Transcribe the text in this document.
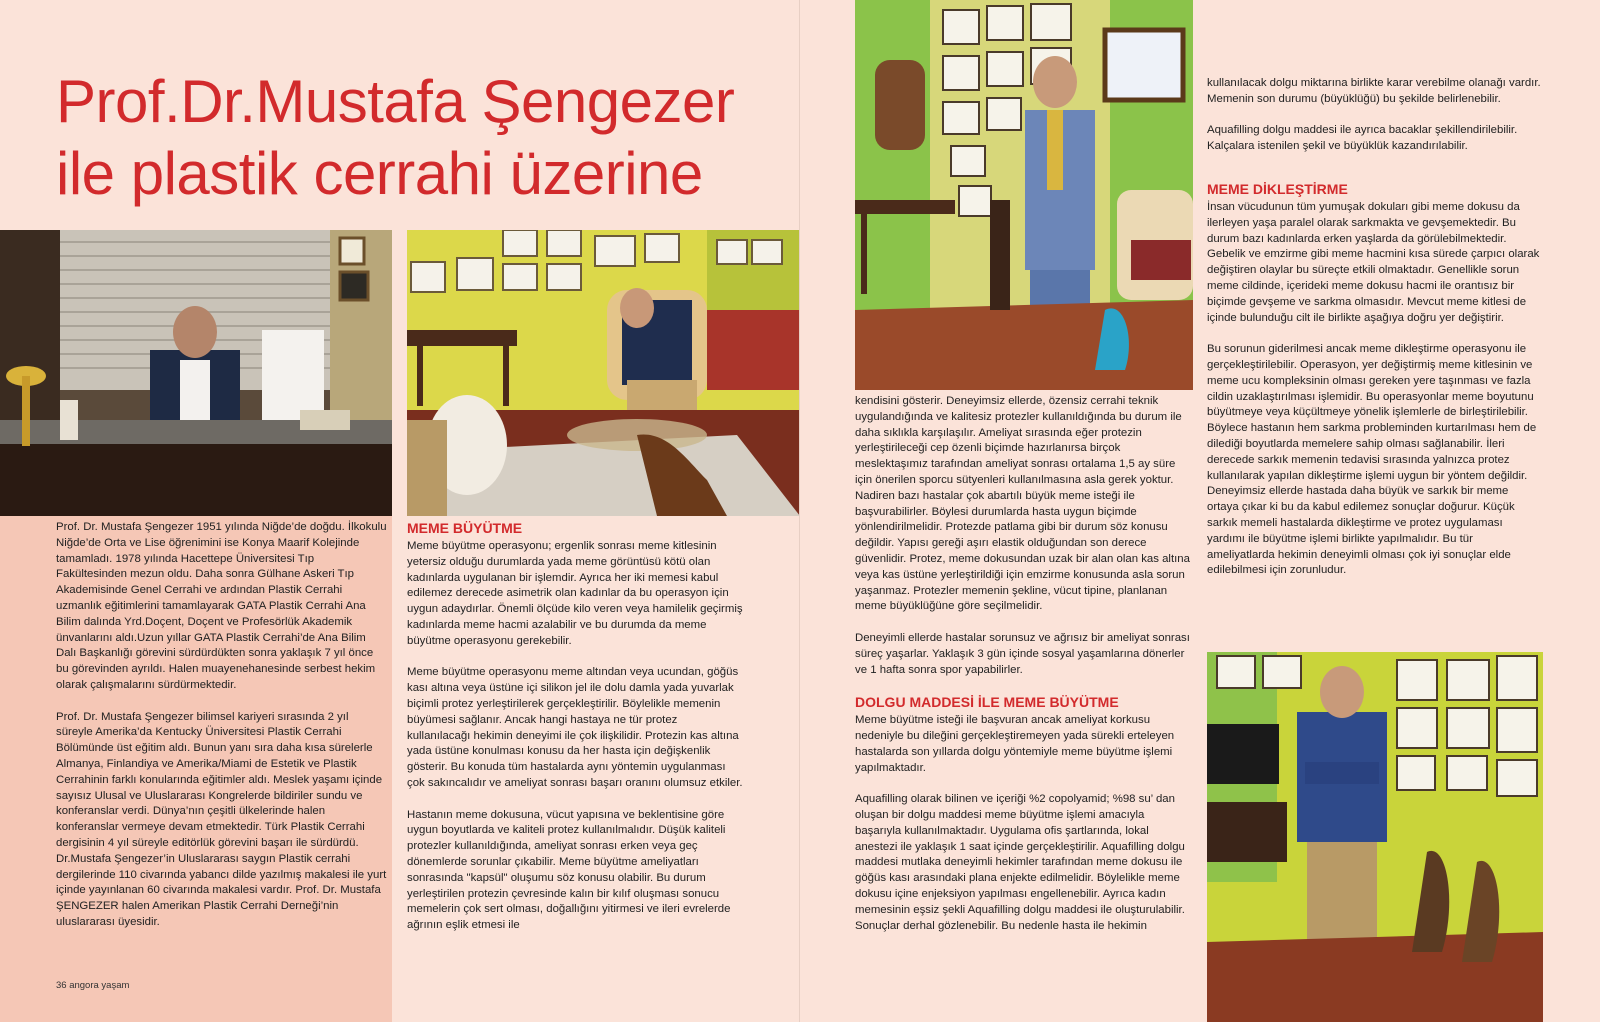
Prof.Dr.Mustafa Şengezer
ile plastik cerrahi üzerine

Prof. Dr. Mustafa Şengezer 1951 yılında Niğde’de doğdu. İlkokulu Niğde’de Orta ve Lise öğrenimini ise Konya Maarif Kolejinde tamamladı. 1978 yılında Hacettepe Üniversitesi Tıp Fakültesinden mezun oldu. Daha sonra Gülhane Askeri Tıp Akademisinde Genel Cerrahi ve ardından Plastik Cerrahi uzmanlık eğitimlerini tamamlayarak GATA Plastik Cerrahi Ana Bilim dalında Yrd.Doçent, Doçent ve Profesörlük Akademik ünvanlarını aldı.Uzun yıllar GATA Plastik Cerrahi’de Ana Bilim Dalı Başkanlığı görevini sürdürdükten sonra yaklaşık 7 yıl önce bu görevinden ayrıldı. Halen muayenehanesinde serbest hekim olarak çalışmalarını sürdürmektedir.

Prof. Dr. Mustafa Şengezer bilimsel kariyeri sırasında 2 yıl süreyle Amerika’da Kentucky Üniversitesi Plastik Cerrahi Bölümünde üst eğitim aldı. Bunun yanı sıra daha kısa sürelerle Almanya, Finlandiya ve Amerika/Miami de Estetik ve Plastik Cerrahinin farklı konularında eğitimler aldı. Meslek yaşamı içinde sayısız Ulusal ve Uluslararası Kongrelerde bildiriler sundu ve konferanslar verdi. Dünya’nın çeşitli ülkelerinde halen konferanslar vermeye devam etmektedir. Türk Plastik Cerrahi dergisinin 4 yıl süreyle editörlük görevini başarı ile sürdürdü. Dr.Mustafa Şengezer’in Uluslararası saygın Plastik cerrahi dergilerinde 110 civarında yabancı dilde yazılmış makalesi ile yurt içinde yayınlanan 60 civarında makalesi vardır. Prof. Dr. Mustafa ŞENGEZER halen Amerikan Plastik Cerrahi Derneği’nin uluslararası üyesidir.

MEME BÜYÜTME

Meme büyütme operasyonu; ergenlik sonrası meme kitlesinin yetersiz olduğu durumlarda yada meme görüntüsü kötü olan kadınlarda uygulanan bir işlemdir. Ayrıca her iki memesi kabul edilemez derecede asimetrik olan kadınlar da bu operasyon için uygun adaydırlar. Önemli ölçüde kilo veren veya hamilelik geçirmiş kadınlarda meme hacmi azalabilir ve bu durumda da meme büyütme operasyonu gerekebilir.

Meme büyütme operasyonu meme altından veya ucundan, göğüs kası altına veya üstüne içi silikon jel ile dolu damla yada yuvarlak biçimli protez yerleştirilerek gerçekleştirilir. Böylelikle memenin büyümesi sağlanır. Ancak hangi hastaya ne tür protez kullanılacağı hekimin deneyimi ile çok ilişkilidir. Protezin kas altına yada üstüne konulması konusu da her hasta için değişkenlik gösterir. Bu konuda tüm hastalarda aynı yöntemin uygulanması çok sakıncalıdır ve ameliyat sonrası başarı oranını olumsuz etkiler.

Hastanın meme dokusuna, vücut yapısına ve beklentisine göre uygun boyutlarda ve kaliteli protez kullanılmalıdır. Düşük kaliteli protezler kullanıldığında, ameliyat sonrası erken veya geç dönemlerde sorunlar çıkabilir. Meme büyütme ameliyatları sonrasında "kapsül" oluşumu söz konusu olabilir. Bu durum yerleştirilen protezin çevresinde kalın bir kılıf oluşması sonucu memelerin çok sert olması, doğallığını yitirmesi ve ileri evrelerde ağrının eşlik etmesi ile

36 angora yaşam

kendisini gösterir. Deneyimsiz ellerde, özensiz cerrahi teknik uygulandığında ve kalitesiz protezler kullanıldığında bu durum ile daha sıklıkla karşılaşılır. Ameliyat sırasında eğer protezin yerleştirileceği cep özenli biçimde hazırlanırsa birçok meslektaşımız tarafından ameliyat sonrası ortalama 1,5 ay süre için önerilen sporcu sütyenleri kullanılmasına asla gerek yoktur. Nadiren bazı hastalar çok abartılı büyük meme isteği ile başvurabilirler. Böylesi durumlarda hasta uygun biçimde yönlendirilmelidir. Protezde patlama gibi bir durum söz konusu değildir. Yapısı gereği aşırı elastik olduğundan son derece güvenlidir. Protez, meme dokusundan uzak bir alan olan kas altına veya kas üstüne yerleştirildiği için emzirme konusunda asla sorun yaşanmaz. Protezler memenin şekline, vücut tipine, planlanan meme büyüklüğüne göre seçilmelidir.

Deneyimli ellerde hastalar sorunsuz ve ağrısız bir ameliyat sonrası süreç yaşarlar. Yaklaşık 3 gün içinde sosyal yaşamlarına dönerler ve 1 hafta sonra spor yapabilirler.

DOLGU MADDESİ İLE MEME BÜYÜTME

Meme büyütme isteği ile başvuran ancak ameliyat korkusu nedeniyle bu dileğini gerçekleştiremeyen yada sürekli erteleyen hastalarda son yıllarda dolgu yöntemiyle meme büyütme işlemi yapılmaktadır.

Aquafilling olarak bilinen ve içeriği %2 copolyamid; %98 su’ dan oluşan bir dolgu maddesi meme büyütme işlemi amacıyla başarıyla kullanılmaktadır. Uygulama ofis şartlarında, lokal anestezi ile yaklaşık 1 saat içinde gerçekleştirilir. Aquafilling dolgu maddesi mutlaka deneyimli hekimler tarafından meme dokusu ile göğüs kası arasındaki plana enjekte edilmelidir. Böylelikle meme dokusu içine enjeksiyon yapılması engellenebilir. Ayrıca kadın memesinin eşsiz şekli Aquafilling dolgu maddesi ile oluşturulabilir. Sonuçlar derhal gözlenebilir. Bu nedenle hasta ile hekimin

kullanılacak dolgu miktarına birlikte karar verebilme olanağı vardır. Memenin son durumu (büyüklüğü) bu şekilde belirlenebilir.

Aquafilling dolgu maddesi ile ayrıca bacaklar şekillendirilebilir. Kalçalara istenilen şekil ve büyüklük kazandırılabilir.

MEME DİKLEŞTİRME

İnsan vücudunun tüm yumuşak dokuları gibi meme dokusu da ilerleyen yaşa paralel olarak sarkmakta ve gevşemektedir. Bu durum bazı kadınlarda erken yaşlarda da görülebilmektedir. Gebelik ve emzirme gibi meme hacmini kısa sürede çarpıcı olarak değiştiren olaylar bu süreçte etkili olmaktadır. Genellikle sorun meme cildinde, içerideki meme dokusu hacmi ile orantısız bir biçimde gevşeme ve sarkma olmasıdır. Mevcut meme kitlesi de içinde bulunduğu cilt ile birlikte aşağıya doğru yer değiştirir.

Bu sorunun giderilmesi ancak meme dikleştirme operasyonu ile gerçekleştirilebilir. Operasyon, yer değiştirmiş meme kitlesinin ve meme ucu kompleksinin olması gereken yere taşınması ve fazla cildin uzaklaştırılması işlemidir. Bu operasyonlar meme boyutunu büyütmeye veya küçültmeye yönelik işlemlerle de birleştirilebilir. Böylece hastanın hem sarkma probleminden kurtarılması hem de dilediği boyutlarda memelere sahip olması sağlanabilir. İleri derecede sarkık memenin tedavisi sırasında yalnızca protez kullanılarak yapılan dikleştirme işlemi uygun bir yöntem değildir. Deneyimsiz ellerde hastada daha büyük ve sarkık bir meme ortaya çıkar ki bu da kabul edilemez sonuçlar doğurur. Küçük sarkık memeli hastalarda dikleştirme ve protez uygulaması yardımı ile büyütme işlemi birlikte yapılmalıdır. Bu tür ameliyatlarda hekimin deneyimli olması çok iyi sonuçlar elde edilebilmesi için zorunludur.
